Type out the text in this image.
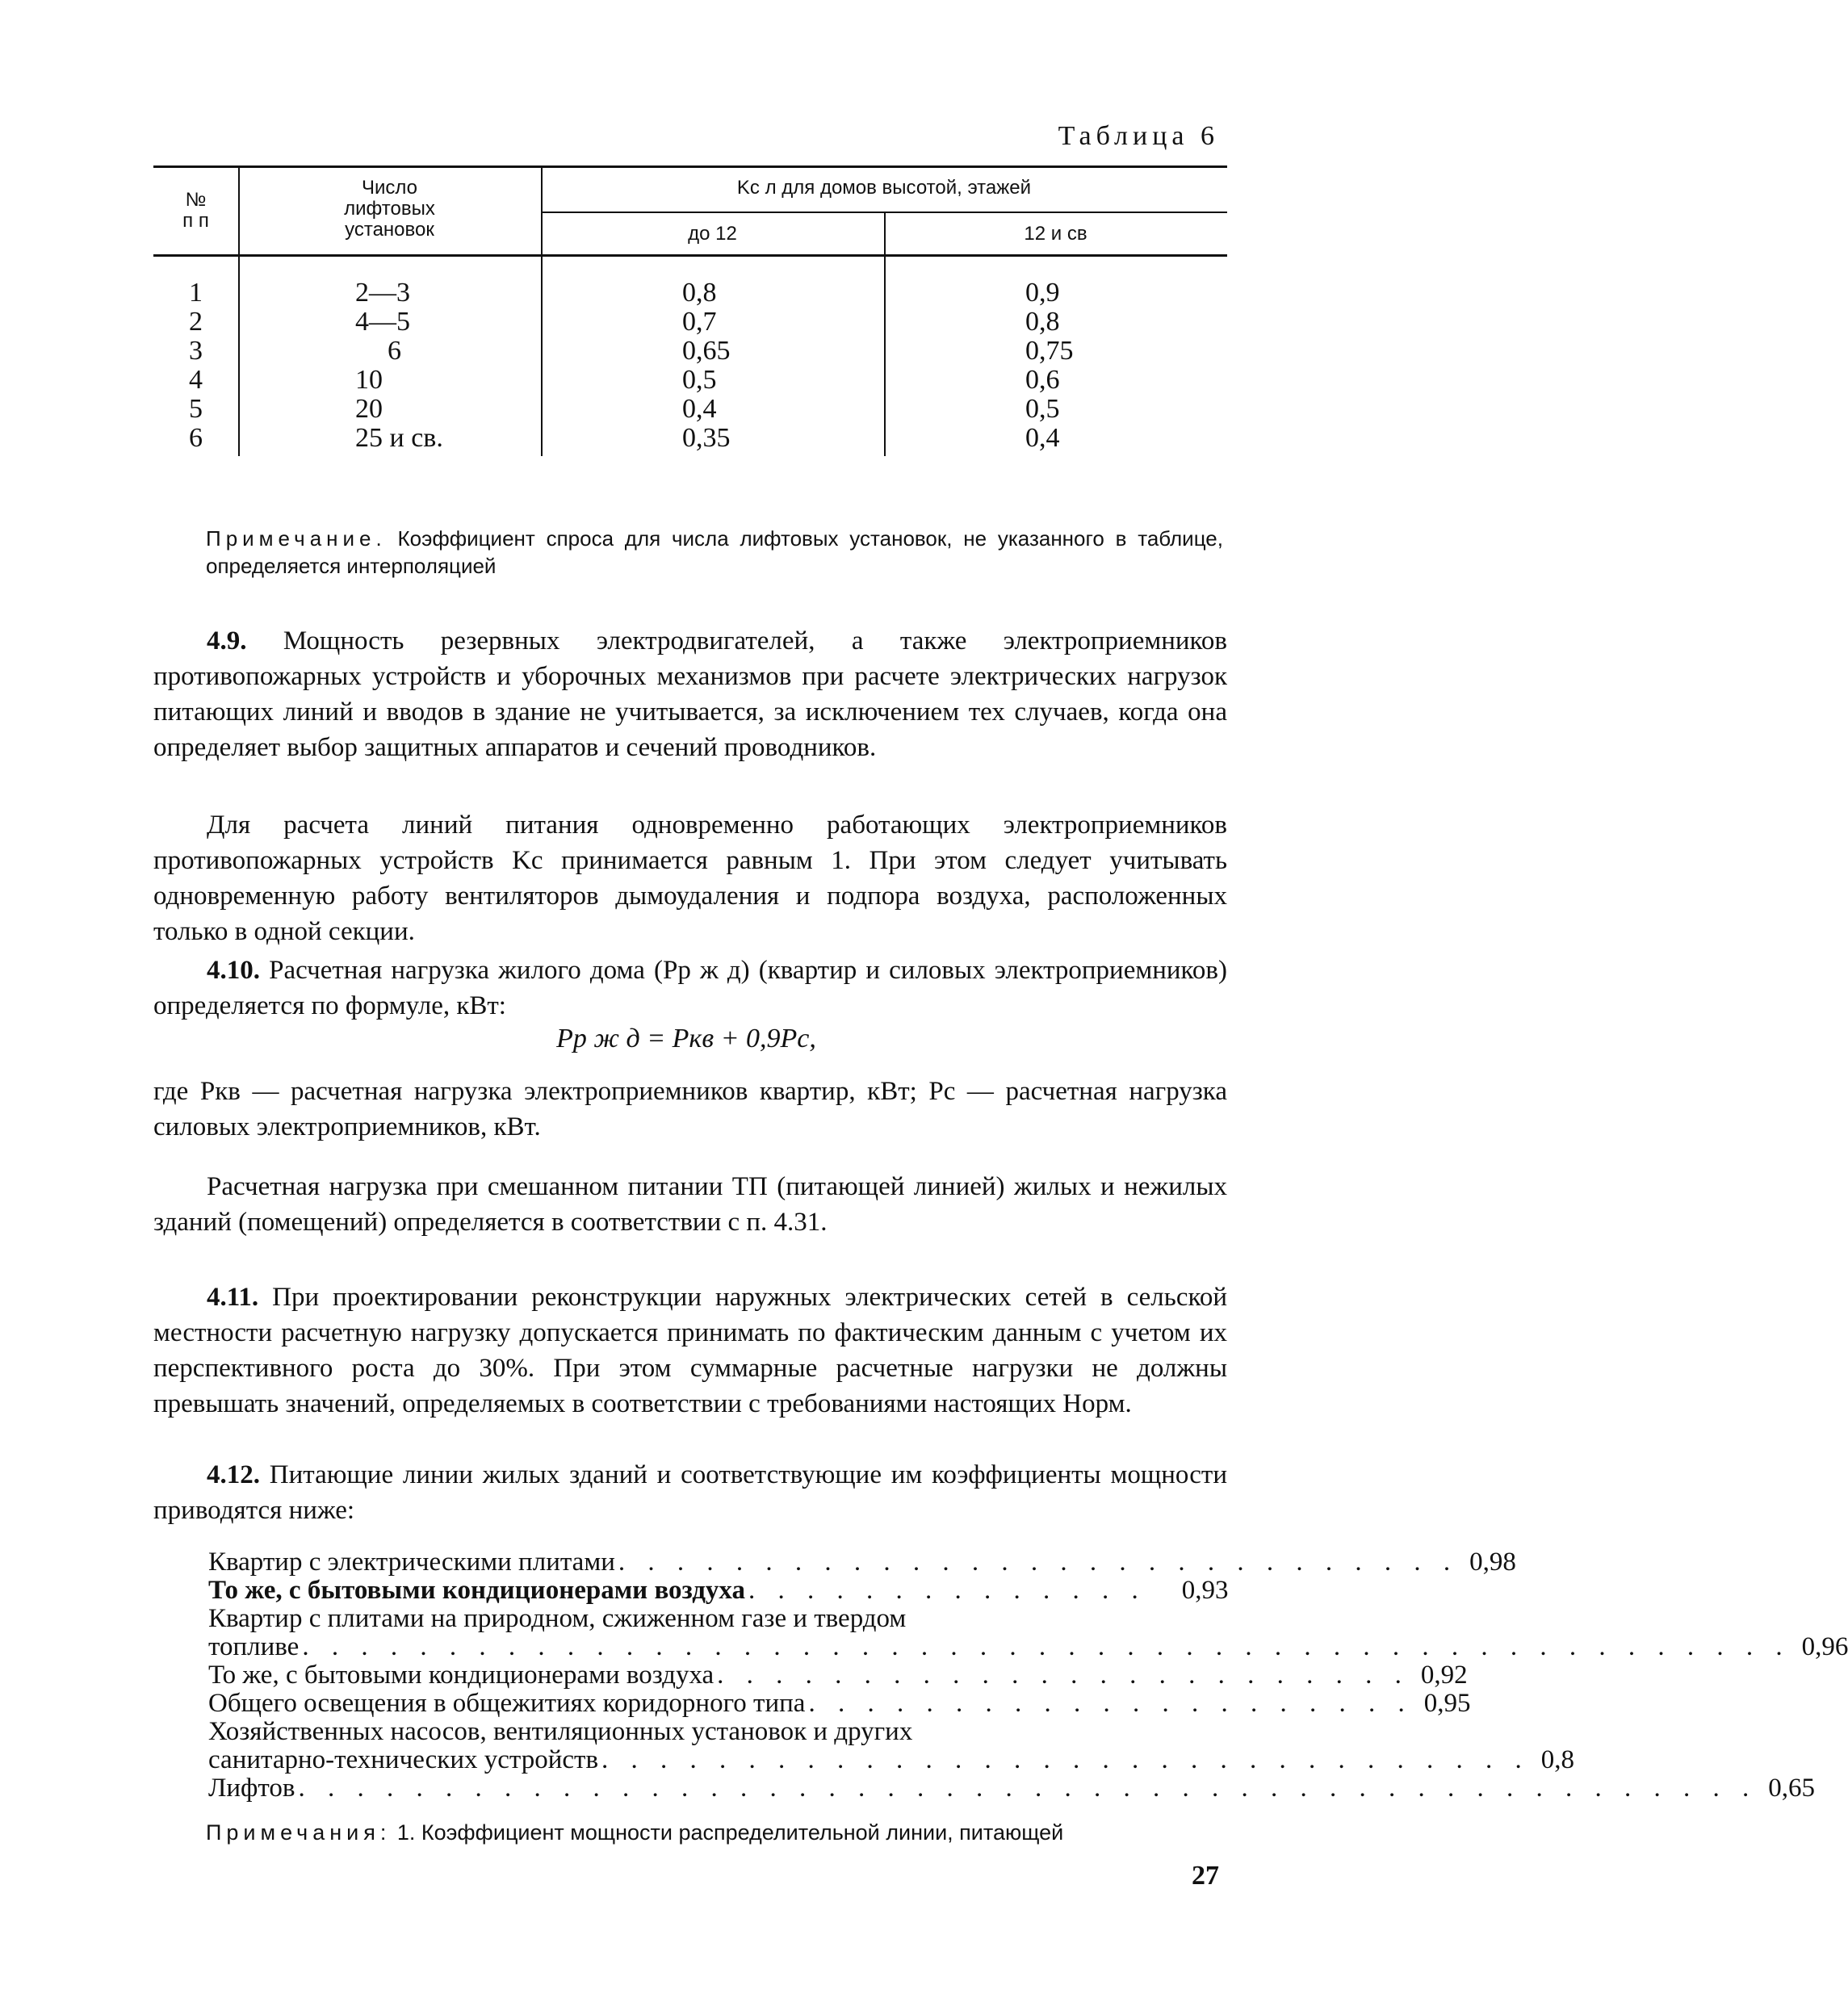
Таблица 6
№
п п
Число
лифтовых
установок
Kс л для домов высотой, этажей
до 12	12 и св
1
2
3
4
5
6
2—3
4—5
6
10
20
25 и св.
0,8
0,7
0,65
0,5
0,4
0,35
0,9
0,8
0,75
0,6
0,5
0,4
Примечание. Коэффициент спроса для числа лифтовых установок, не указанного в таблице, определяется интерполяцией

4.9. Мощность резервных электродвигателей, а также электроприемников противопожарных устройств и уборочных механизмов при расчете электрических нагрузок питающих линий и вводов в здание не учитывается, за исключением тех случаев, когда она определяет выбор защитных аппаратов и сечений проводников.

Для расчета линий питания одновременно работающих электроприемников противопожарных устройств Kс принимается равным 1. При этом следует учитывать одновременную работу вентиляторов дымоудаления и подпора воздуха, расположенных только в одной секции.

4.10. Расчетная нагрузка жилого дома (Pр ж д) (квартир и силовых электроприемников) определяется по формуле, кВт:

Pр ж д = Pкв + 0,9Pс,

где Pкв — расчетная нагрузка электроприемников квартир, кВт; Pс — расчетная нагрузка силовых электроприемников, кВт.

Расчетная нагрузка при смешанном питании ТП (питающей линией) жилых и нежилых зданий (помещений) определяется в соответствии с п. 4.31.

4.11. При проектировании реконструкции наружных электрических сетей в сельской местности расчетную нагрузку допускается принимать по фактическим данным с учетом их перспективного роста до 30%. При этом суммарные расчетные нагрузки не должны превышать значений, определяемых в соответствии с требованиями настоящих Норм.

4.12. Питающие линии жилых зданий и соответствующие им коэффициенты мощности приводятся ниже:

Квартир с электрическими плитами . . . . . . . . . . . . . . . . . . . . . . . . . . . . . 0,98
То же, с бытовыми кондиционерами воздуха . . . . . . . . . . . . . .	0,93
Квартир с плитами на природном, сжиженном газе и твердом
топливе . . . . . . . . . . . . . . . . . . . . . . . . . . . . . . . . . . . . . . . . . . . . . . . . . . . 0,96
То же, с бытовыми кондиционерами воздуха . . . . . . . . . . . . . . . . . . . . . . . . 0,92
Общего освещения в общежитиях коридорного типа . . . . . . . . . . . . . . . . . . . . . 0,95
Хозяйственных насосов, вентиляционных установок и других
санитарно-технических устройств . . . . . . . . . . . . . . . . . . . . . . . . . . . . . . . . 0,8
Лифтов . . . . . . . . . . . . . . . . . . . . . . . . . . . . . . . . . . . . . . . . . . . . . . . . . . 0,65
Примечания: 1. Коэффициент мощности распределительной линии, питающей
27
